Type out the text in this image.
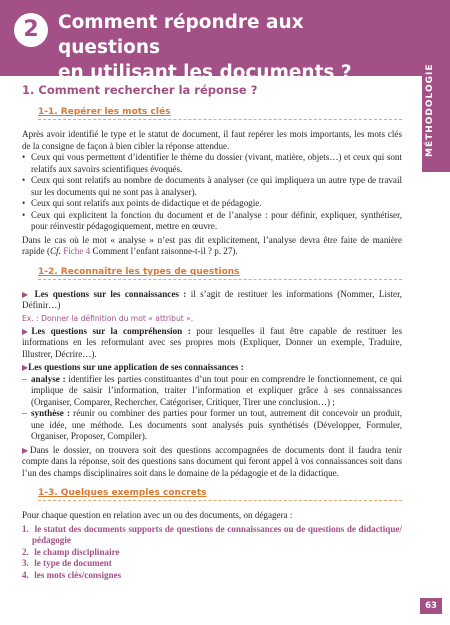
2	Comment répondre aux questions
en utilisant les documents ?	MÉTHODOLOGIE
1. Comment rechercher la réponse ?
1-1. Repérer les mots clés

Après avoir identifié le type et le statut de document, il faut repérer les mots importants, les mots clés de la consigne de façon à bien cibler la réponse attendue.

• Ceux qui vous permettent d’identifier le thème du dossier (vivant, matière, objets…) et ceux qui sont relatifs aux savoirs scientifiques évoqués.
• Ceux qui sont relatifs au nombre de documents à analyser (ce qui impliquera un autre type de travail sur les documents qui ne sont pas à analyser).
• Ceux qui sont relatifs aux points de didactique et de pédagogie.
• Ceux qui explicitent la fonction du document et de l’analyse : pour définir, expliquer, synthétiser, pour réinvestir pédagogiquement, mettre en œuvre.

Dans le cas où le mot « analyse » n’est pas dit explicitement, l’analyse devra être faite de manière rapide (Cf. Fiche 4 Comment l’enfant raisonne-t-il ? p. 27).

1-2. Reconnaître les types de questions

▶ Les questions sur les connaissances : il s’agit de restituer les informations (Nommer, Lister, Définir…)

Ex. : Donner la définition du mot « attribut ».

▶Les questions sur la compréhension : pour lesquelles il faut être capable de restituer les informations en les reformulant avec ses propres mots (Expliquer, Donner un exemple, Traduire, Illustrer, Décrire…).

▶Les questions sur une application de ses connaissances :

– analyse : identifier les parties constituantes d’un tout pour en comprendre le fonctionnement, ce qui implique de saisir l’information, traiter l’information et expliquer grâce à ses connaissances (Organiser, Comparer, Rechercher, Catégoriser, Critiquer, Tirer une conclusion…) ;
– synthèse : réunir ou combiner des parties pour former un tout, autrement dit concevoir un produit, une idée, une méthode. Les documents sont analysés puis synthétisés (Développer, Formuler, Organiser, Proposer, Compiler).

▶Dans le dossier, on trouvera soit des questions accompagnées de documents dont il faudra tenir compte dans la réponse, soit des questions sans document qui feront appel à vos connaissances soit dans l’un des champs disciplinaires soit dans le domaine de la pédagogie et de la didactique.

1-3. Quelques exemples concrets

Pour chaque question en relation avec un ou des documents, on dégagera :

1. le statut des documents supports de questions de connaissances ou de questions de didactique/ pédagogie
2. le champ disciplinaire
3. le type de document
4. les mots clés/consignes
63
